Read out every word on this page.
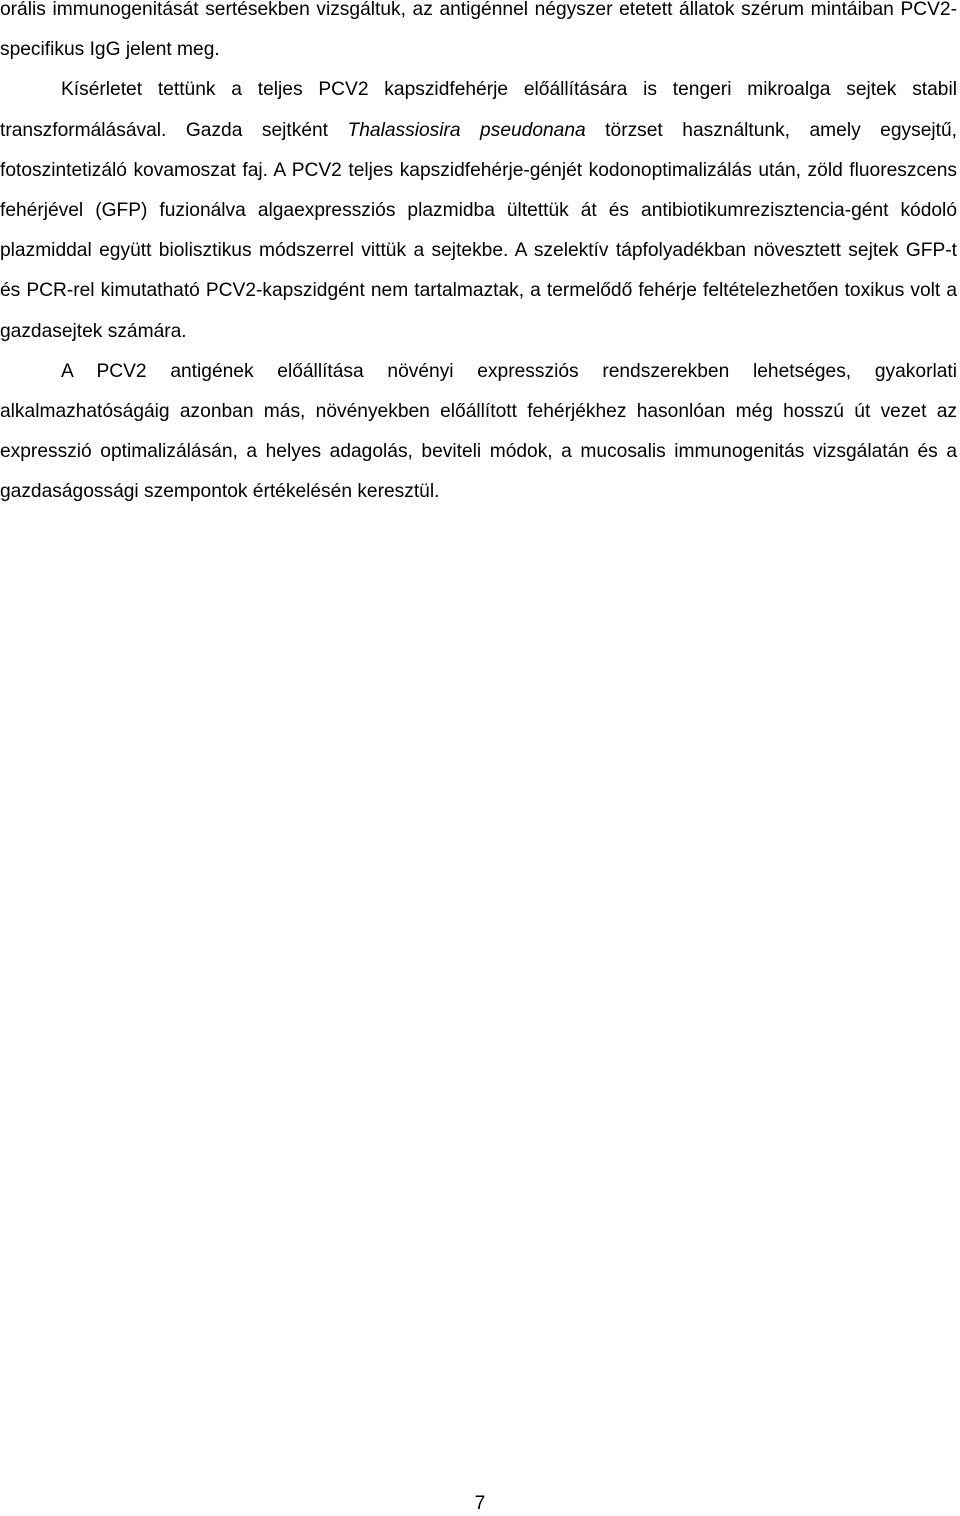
orális immunogenitását sertésekben vizsgáltuk, az antigénnel négyszer etetett állatok szérum mintáiban PCV2-specifikus IgG jelent meg.

Kísérletet tettünk a teljes PCV2 kapszidfehérje előállítására is tengeri mikroalga sejtek stabil transzformálásával. Gazda sejtként Thalassiosira pseudonana törzset használtunk, amely egysejtű, fotoszintetizáló kovamoszat faj. A PCV2 teljes kapszidfehérje-génjét kodonoptimalizálás után, zöld fluoreszcens fehérjével (GFP) fuzionálva algaexpressziós plazmidba ültettük át és antibiotikumrezisztencia-gént kódoló plazmiddal együtt biolisztikus módszerrel vittük a sejtekbe. A szelektív tápfolyadékban növesztett sejtek GFP-t és PCR-rel kimutatható PCV2-kapszidgént nem tartalmaztak, a termelődő fehérje feltételezhetően toxikus volt a gazdasejtek számára.

A PCV2 antigének előállítása növényi expressziós rendszerekben lehetséges, gyakorlati alkalmazhatóságáig azonban más, növényekben előállított fehérjékhez hasonlóan még hosszú út vezet az expresszió optimalizálásán, a helyes adagolás, beviteli módok, a mucosalis immunogenitás vizsgálatán és a gazdaságossági szempontok értékelésén keresztül.

7
